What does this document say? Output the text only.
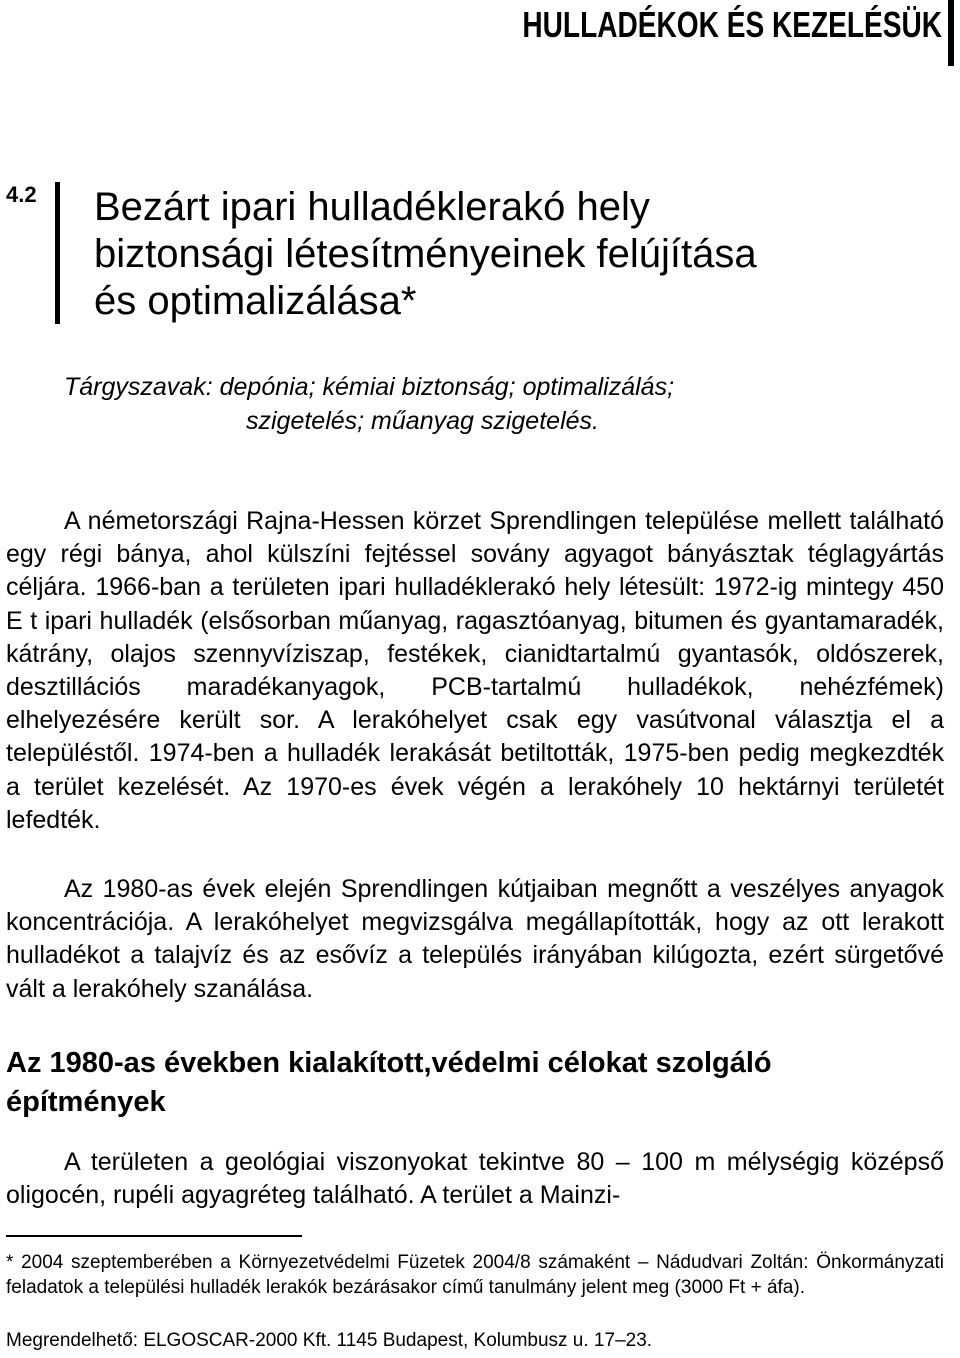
HULLADÉKOK ÉS KEZELÉSÜK
4.2 Bezárt ipari hulladéklerakó hely
biztonsági létesítményeinek felújítása
és optimalizálása*
Tárgyszavak: depónia; kémiai biztonság; optimalizálás;
szigetelés; műanyag szigetelés.

A németországi Rajna-Hessen körzet Sprendlingen települése mellett található egy régi bánya, ahol külszíni fejtéssel sovány agyagot bányásztak téglagyártás céljára. 1966-ban a területen ipari hulladéklerakó hely létesült: 1972-ig mintegy 450 E t ipari hulladék (elsősorban műanyag, ragasztóanyag, bitumen és gyantamaradék, kátrány, olajos szennyvíziszap, festékek, cianidtartalmú gyantasók, oldószerek, desztillációs maradékanyagok, PCB-tartalmú hulladékok, nehézfémek) elhelyezésére került sor. A lerakóhelyet csak egy vasútvonal választja el a településtől. 1974-ben a hulladék lerakását betiltották, 1975-ben pedig megkezdték a terület kezelését. Az 1970-es évek végén a lerakóhely 10 hektárnyi területét lefedték.

Az 1980-as évek elején Sprendlingen kútjaiban megnőtt a veszélyes anyagok koncentrációja. A lerakóhelyet megvizsgálva megállapították, hogy az ott lerakott hulladékot a talajvíz és az esővíz a település irányában kilúgozta, ezért sürgetővé vált a lerakóhely szanálása.

Az 1980-as években kialakított,védelmi célokat szolgáló építmények

A területen a geológiai viszonyokat tekintve 80 – 100 m mélységig középső oligocén, rupéli agyagréteg található. A terület a Mainzi-

* 2004 szeptemberében a Környezetvédelmi Füzetek 2004/8 számaként – Nádudvari Zoltán: Önkormányzati feladatok a települési hulladék lerakók bezárásakor című tanulmány jelent meg (3000 Ft + áfa).

Megrendelhető: ELGOSCAR-2000 Kft. 1145 Budapest, Kolumbusz u. 17–23.
